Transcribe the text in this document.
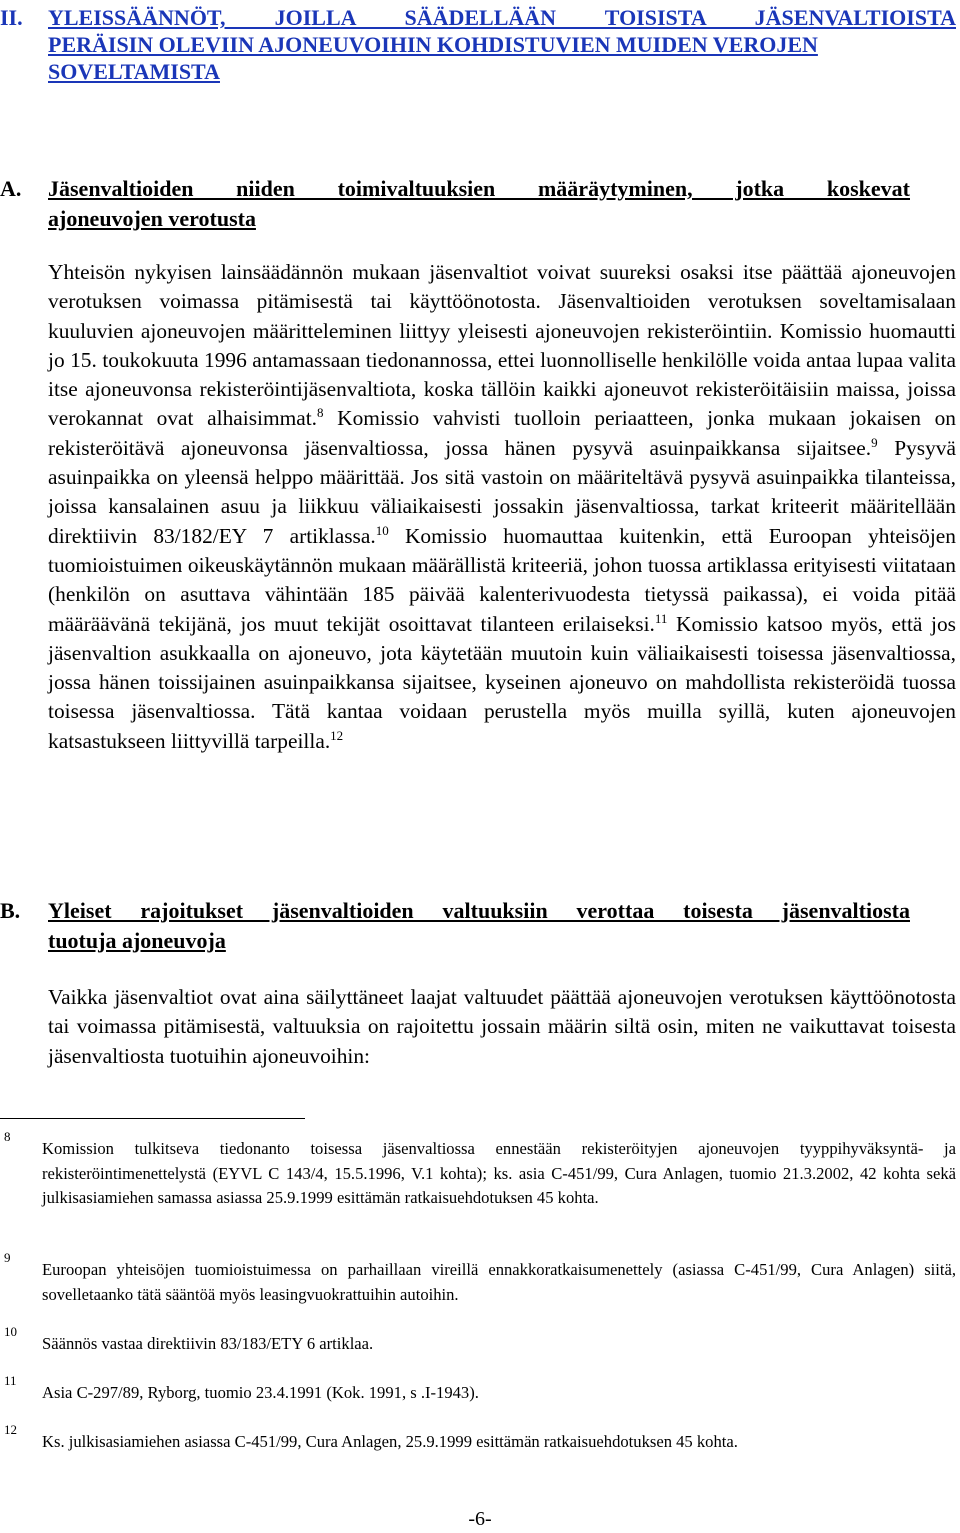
II. YLEISSÄÄNNÖT, JOILLA SÄÄDELLÄÄN TOISISTA JÄSENVALTIOISTA
PERÄISIN OLEVIIN AJONEUVOIHIN KOHDISTUVIEN MUIDEN VEROJEN
SOVELTAMISTA
A. Jäsenvaltioiden niiden toimivaltuuksien määräytyminen, jotka koskevat
ajoneuvojen verotusta
Yhteisön nykyisen lainsäädännön mukaan jäsenvaltiot voivat suureksi osaksi itse päättää ajoneuvojen verotuksen voimassa pitämisestä tai käyttöönotosta. Jäsenvaltioiden verotuksen soveltamisalaan kuuluvien ajoneuvojen määritteleminen liittyy yleisesti ajoneuvojen rekisteröintiin. Komissio huomautti jo 15. toukokuuta 1996 antamassaan tiedonannossa, ettei luonnolliselle henkilölle voida antaa lupaa valita itse ajoneuvonsa rekisteröintijäsenvaltiota, koska tällöin kaikki ajoneuvot rekisteröitäisiin maissa, joissa verokannat ovat alhaisimmat.$^8$ Komissio vahvisti tuolloin periaatteen, jonka mukaan jokaisen on rekisteröitävä ajoneuvonsa jäsenvaltiossa, jossa hänen pysyvä asuinpaikkansa sijaitsee.$^9$ Pysyvä asuinpaikka on yleensä helppo määrittää. Jos sitä vastoin on määriteltävä pysyvä asuinpaikka tilanteissa, joissa kansalainen asuu ja liikkuu väliaikaisesti jossakin jäsenvaltiossa, tarkat kriteerit määritellään direktiivin 83/182/EY 7 artiklassa.$^{10}$ Komissio huomauttaa kuitenkin, että Euroopan yhteisöjen tuomioistuimen oikeuskäytännön mukaan määrällistä kriteeriä, johon tuossa artiklassa erityisesti viitataan (henkilön on asuttava vähintään 185 päivää kalenterivuodesta tietyssä paikassa), ei voida pitää määräävänä tekijänä, jos muut tekijät osoittavat tilanteen erilaiseksi.$^{11}$ Komissio katsoo myös, että jos jäsenvaltion asukkaalla on ajoneuvo, jota käytetään muutoin kuin väliaikaisesti toisessa jäsenvaltiossa, jossa hänen toissijainen asuinpaikkansa sijaitsee, kyseinen ajoneuvo on mahdollista rekisteröidä tuossa toisessa jäsenvaltiossa. Tätä kantaa voidaan perustella myös muilla syillä, kuten ajoneuvojen katsastukseen liittyvillä tarpeilla.$^{12}$
B. Yleiset rajoitukset jäsenvaltioiden valtuuksiin verottaa toisesta jäsenvaltiosta
tuotuja ajoneuvoja
Vaikka jäsenvaltiot ovat aina säilyttäneet laajat valtuudet päättää ajoneuvojen verotuksen käyttöönotosta tai voimassa pitämisestä, valtuuksia on rajoitettu jossain määrin siltä osin, miten ne vaikuttavat toisesta jäsenvaltiosta tuotuihin ajoneuvoihin:
8
Komission tulkitseva tiedonanto toisessa jäsenvaltiossa ennestään rekisteröityjen ajoneuvojen tyyppihyväksyntä- ja rekisteröintimenettelystä (EYVL C 143/4, 15.5.1996, V.1 kohta); ks. asia C-451/99, Cura Anlagen, tuomio 21.3.2002, 42 kohta sekä julkisasiamiehen samassa asiassa 25.9.1999 esittämän ratkaisuehdotuksen 45 kohta.
9
Euroopan yhteisöjen tuomioistuimessa on parhaillaan vireillä ennakkoratkaisumenettely (asiassa C-451/99, Cura Anlagen) siitä, sovelletaanko tätä sääntöä myös leasingvuokrattuihin autoihin.
10
Säännös vastaa direktiivin 83/183/ETY 6 artiklaa.
11
Asia C-297/89, Ryborg, tuomio 23.4.1991 (Kok. 1991, s .I-1943).
12
Ks. julkisasiamiehen asiassa C-451/99, Cura Anlagen, 25.9.1999 esittämän ratkaisuehdotuksen 45 kohta.
-6-
